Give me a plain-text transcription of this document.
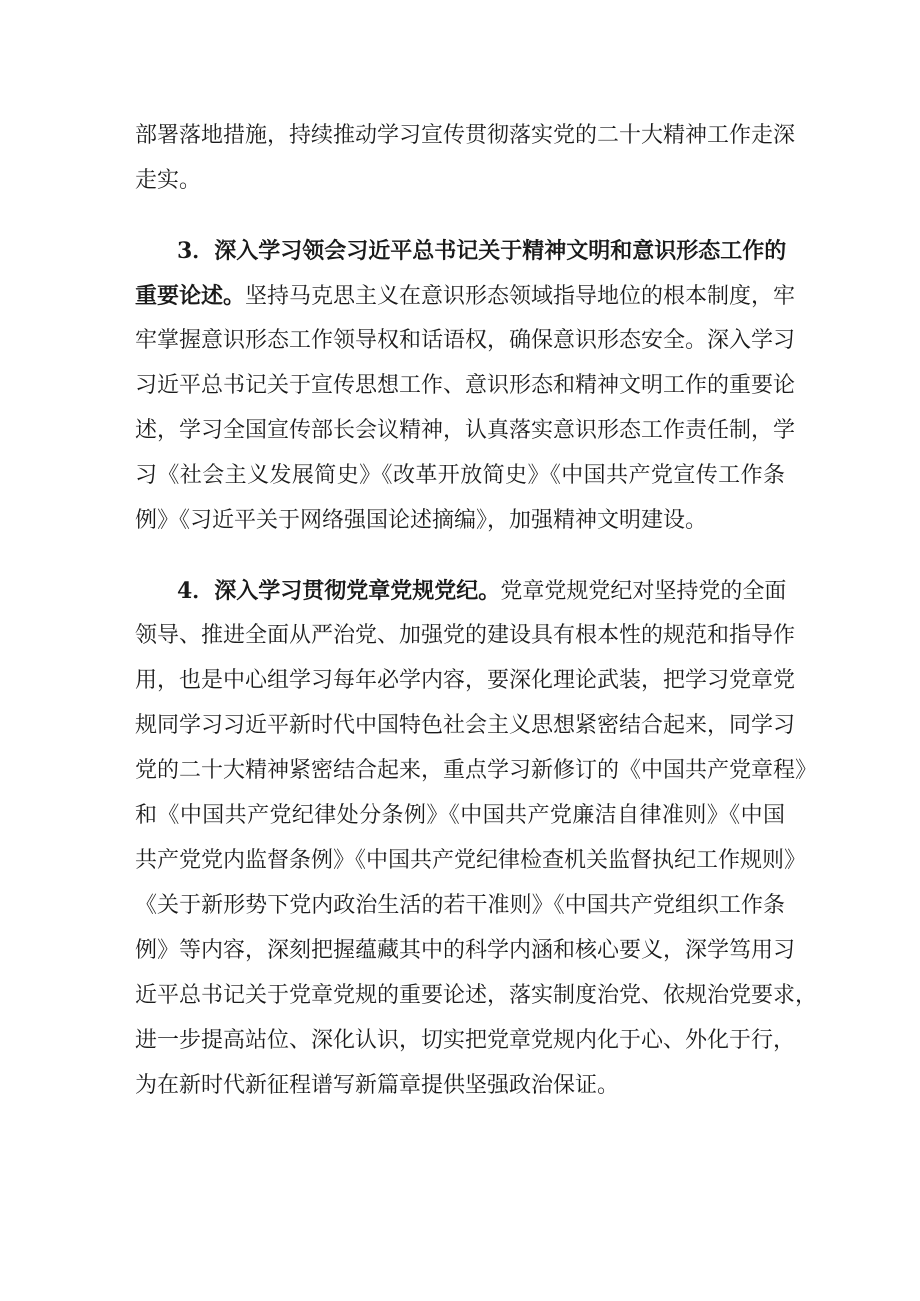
部署落地措施，持续推动学习宣传贯彻落实党的二十大精神工作走深
走实。
3．深入学习领会习近平总书记关于精神文明和意识形态工作的
重要论述。坚持马克思主义在意识形态领域指导地位的根本制度，牢
牢掌握意识形态工作领导权和话语权，确保意识形态安全。深入学习
习近平总书记关于宣传思想工作、意识形态和精神文明工作的重要论
述，学习全国宣传部长会议精神，认真落实意识形态工作责任制，学
习《社会主义发展简史》《改革开放简史》《中国共产党宣传工作条
例》《习近平关于网络强国论述摘编》，加强精神文明建设。
4．深入学习贯彻党章党规党纪。党章党规党纪对坚持党的全面
领导、推进全面从严治党、加强党的建设具有根本性的规范和指导作
用，也是中心组学习每年必学内容，要深化理论武装，把学习党章党
规同学习习近平新时代中国特色社会主义思想紧密结合起来，同学习
党的二十大精神紧密结合起来，重点学习新修订的《中国共产党章程》
和《中国共产党纪律处分条例》《中国共产党廉洁自律准则》《中国
共产党党内监督条例》《中国共产党纪律检查机关监督执纪工作规则》
《关于新形势下党内政治生活的若干准则》《中国共产党组织工作条
例》等内容，深刻把握蕴藏其中的科学内涵和核心要义，深学笃用习
近平总书记关于党章党规的重要论述，落实制度治党、依规治党要求，
进一步提高站位、深化认识，切实把党章党规内化于心、外化于行，
为在新时代新征程谱写新篇章提供坚强政治保证。
